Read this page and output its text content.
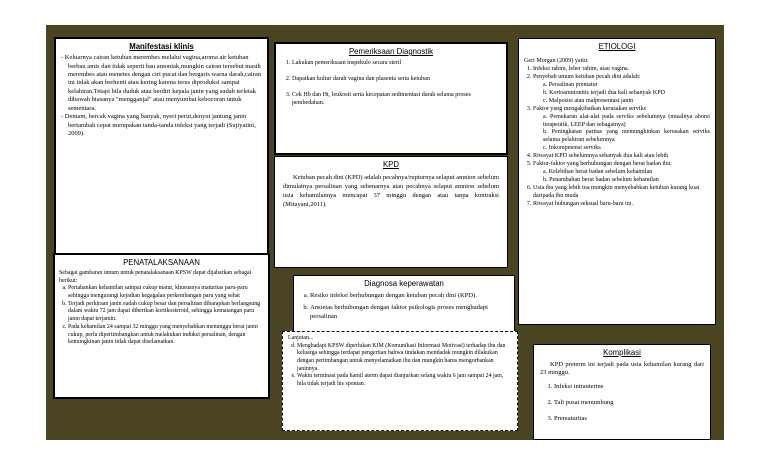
Manifestasi klinis
- Keluarnya cairan ketuban merembes melalui vagina,aroma air ketuban berbau amis dan tidak seperti bau amoniak,mungkin cairan tersebut masih merembes atau menetes dengan ciri pucat dan bergaris warna darah,cairan ini tidak akan berhenti atau kering karena terus diproduksi sampai kelahiran.Tetapi bila duduk atau berdiri kepala janin yang sudah terletak dibawah biasanya "mengganjal" atau menyumbat kebocoran untuk sementara.
- Demam, bercak vagina yang banyak, nyeri perut,denyut jantung janin bertambah cepat merupakan tanda-tanda infeksi yang terjadi (Sujiyatini, 2009).
Pemeriksaan Diagnostik
1. Lakukan pemeriksaan inspekulo secara steril
2. Dapatkan kultur darah vagina dan plasenta serta ketuban
3. Cek Hb dan Ht, leukosit serta kecepatan sedimentasi darah selama proses pembedahan.
KPD

Ketuban pecah dini (KPD) adalah pecahnya/rupturnya selaput amnion sebelum dimulainya persalinan yang sebenarnya atau pecahnya selaput amnion sebelum usia kehamilannya mencapai 37 minggu dengan atau tanpa kontraksi (Mitayani,2011).

ETIOLOGI

Geri Morgan (2009) yaitu:

1. Infeksi rahim, leher rahim, atau vagina.
2. Penyebab umum ketuban pecah dini adalah:
a. Persalinan prematur
b. Korioamnionitis terjadi dua kali sebanyak KPD
c. Malposisi atau malpresentasi janin
3. Faktor yang mengakibatkan kerusakan serviks
a. Pemekaran alat-alat pada serviks sebelumnya (misalnya aborsi terapeutik, LEEP dan sebagainya)
b. Peningkatan paritas yang memungkinkan kerusakan serviks selama pelahiran sebelumnya
c. Inkompetensi serviks
4. Riwayat KPD sebelumnya sebanyak dua kali atau lebih
5. Faktor-faktor yang berhubungan dengan berat badan ibu:
a. Kelebihan berat badan sebelum kehamilan
b. Penambahan berat badan sebelum kehamilan
6. Usia ibu yang lebih tua mungkin menyebabkan ketuban kurang kuat daripada ibu muda
7. Riwayat hubungan seksual baru-baru ini.
PENATALAKSANAAN

Sebagai gambaran umum untuk penatalaksanaan KPSW dapat dijabarkan sebagai berikut:

a. Pertahankan kehamilan sampai cukup matur, khususnya maturitas paru-paru sehingga mengurangi kejadian kegagalan perkembangan paru yang sehat
b. Terjadi perkiraan janin sudah cukup besar dan persalinan diharapkan berlangsung dalam waktu 72 jam dapat diberikan kortikosteroid, sehingga kematangan paru janin dapat terjamin.
c. Pada kehamilan 24 sampai 32 minggu yang menyebabkan menunggu berat janin cukup, perlu dipertimbangkan untuk melakukan induksi persalinan, dengan kemungkinan janin tidak dapat diselamatkan.
Diagnosa keperawatan
a. Resiko infeksi berhubungan dengan ketuban pecah dini (KPD).
b. Ansietas berhubungan dengan faktor psikologis proses menghadapi persalinan

Lanjutan...

d. Menghadapi KPSW diperlukan KIM (Komunikasi Informasi Motivasi) terhadap ibu dan keluarga sehingga terdapat pengertian bahwa tindakan mendadak mungkin dilakukan dengan pertimbangan untuk menyelamatkan ibu dan mungkin harus mengorbankan janinnya.
e. Waktu terminasi pada hamil aterm dapat dianjurkan selang waktu 6 jam sampai 24 jam, bila tidak terjadi his spontan.
Komplikasi

KPD preterm ini terjadi pada usia kehamilan kurang dari 23 minggu.

1. Infeksi intrauterine
2. Tali pusat menumbung
3. Prematuritas
